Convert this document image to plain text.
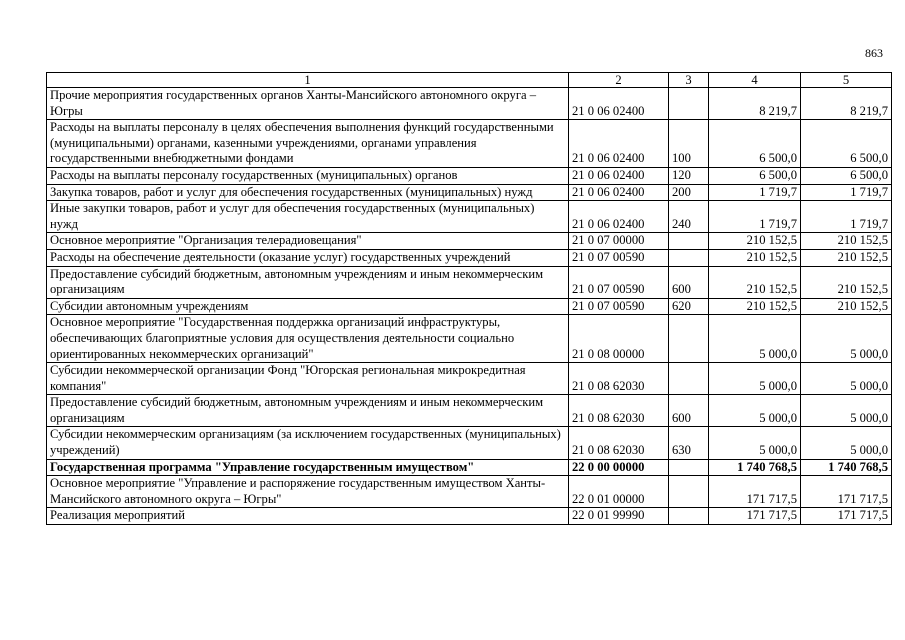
863
1	2	3	4	5
Прочие мероприятия государственных органов Ханты-Мансийского автономного округа – Югры	21 0 06 02400		8 219,7	8 219,7
Расходы на выплаты персоналу в целях обеспечения выполнения функций государственными (муниципальными) органами, казенными учреждениями, органами управления государственными внебюджетными фондами	21 0 06 02400	100	6 500,0	6 500,0
Расходы на выплаты персоналу государственных (муниципальных) органов	21 0 06 02400	120	6 500,0	6 500,0
Закупка товаров, работ и услуг для обеспечения государственных (муниципальных) нужд	21 0 06 02400	200	1 719,7	1 719,7
Иные закупки товаров, работ и услуг для обеспечения государственных (муниципальных) нужд	21 0 06 02400	240	1 719,7	1 719,7
Основное мероприятие "Организация телерадиовещания"	21 0 07 00000		210 152,5	210 152,5
Расходы на обеспечение деятельности (оказание услуг) государственных учреждений	21 0 07 00590		210 152,5	210 152,5
Предоставление субсидий бюджетным, автономным учреждениям и иным некоммерческим организациям	21 0 07 00590	600	210 152,5	210 152,5
Субсидии автономным учреждениям	21 0 07 00590	620	210 152,5	210 152,5
Основное мероприятие "Государственная поддержка организаций инфраструктуры, обеспечивающих благоприятные условия для осуществления деятельности социально ориентированных некоммерческих организаций"	21 0 08 00000		5 000,0	5 000,0
Субсидии некоммерческой организации Фонд "Югорская региональная микрокредитная компания"	21 0 08 62030		5 000,0	5 000,0
Предоставление субсидий бюджетным, автономным учреждениям и иным некоммерческим организациям	21 0 08 62030	600	5 000,0	5 000,0
Субсидии некоммерческим организациям (за исключением государственных (муниципальных) учреждений)	21 0 08 62030	630	5 000,0	5 000,0
Государственная программа "Управление государственным имуществом"	22 0 00 00000		1 740 768,5	1 740 768,5
Основное мероприятие "Управление и распоряжение государственным имуществом Ханты-Мансийского автономного округа – Югры"	22 0 01 00000		171 717,5	171 717,5
Реализация мероприятий	22 0 01 99990		171 717,5	171 717,5
